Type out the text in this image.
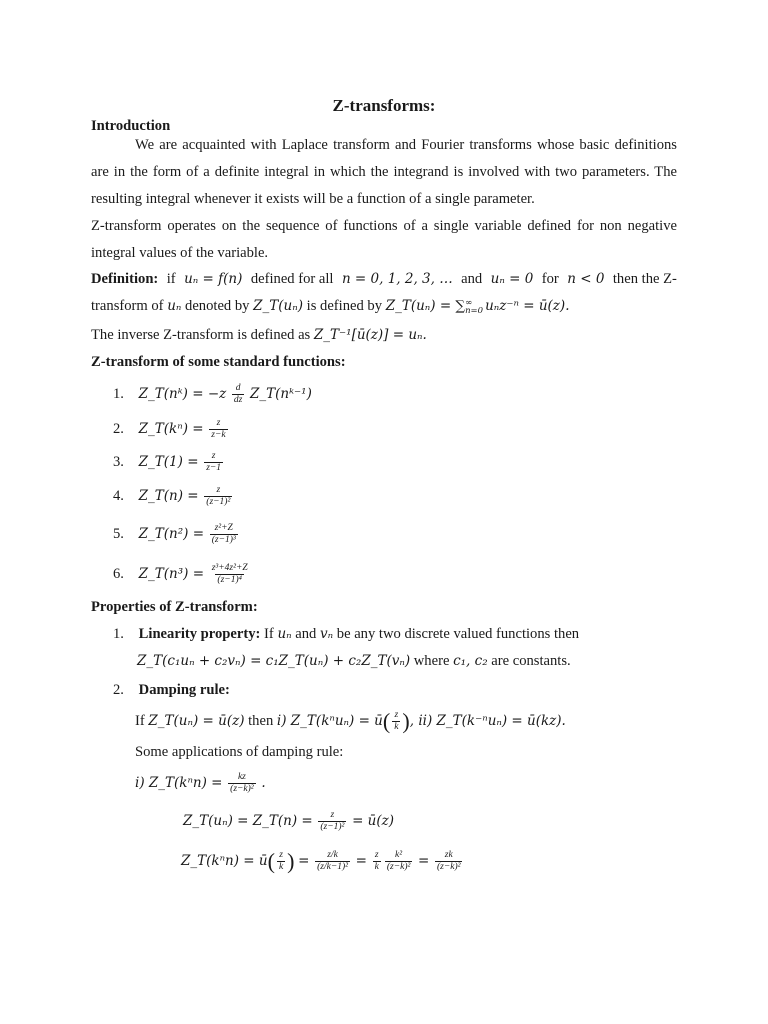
Z-transforms:
Introduction
We are acquainted with Laplace transform and Fourier transforms whose basic definitions are in the form of a definite integral in which the integrand is involved with two parameters. The resulting integral whenever it exists will be a function of a single parameter.
Z-transform operates on the sequence of functions of a single variable defined for non negative integral values of the variable.
Definition: if uₙ = f(n) defined for all n = 0, 1, 2, 3, … and uₙ = 0 for n < 0 then the Z-
transform of uₙ denoted by Z_T(uₙ) is defined by Z_T(uₙ) = ∑ ∞
n=0 uₙz⁻ⁿ = ū(z).
The inverse Z-transform is defined as Z_T⁻¹[ū(z)] = uₙ.
Z-transform of some standard functions:
1. Z_T(nᵏ) = $-z \frac{d}{dz}$ Z_T(nᵏ⁻¹)
2. Z_T(kⁿ) = $\frac{z}{z-k}$
3. Z_T(1) = $\frac{z}{z-1}$
4. Z_T(n) = $\frac{z}{\text{(z−1)²}}$
5. Z_T(n²) = $\frac{\text{z²+Z}}{\text{(z−1)³}}$
6. Z_T(n³) = $\frac{\text{z³+4z²+Z}}{\text{(z−1)⁴}}$
Properties of Z-transform:
1. Linearity property: If uₙ and vₙ be any two discrete valued functions then
Z_T(c₁uₙ + c₂vₙ) = c₁Z_T(uₙ) + c₂Z_T(vₙ) where c₁, c₂ are constants.
2. Damping rule:
If Z_T(uₙ) = ū(z) then i) Z_T(kⁿuₙ) = ū( $\frac{z}{k}$ ), ii) Z_T(k⁻ⁿuₙ) = ū(kz).
Some applications of damping rule:
i) Z_T(kⁿn) = $\frac{kz}{\text{(z−k)²}}$ .
Z_T(uₙ) = Z_T(n) = $\frac{z}{\text{(z−1)²}}$ = ū(z)
Z_T(kⁿn) = ū( $\frac{z}{k}$ ) = $\frac{z/k}{\text{(z/k−1)²}} = \frac{z}{k} \frac{\text{k²}}{\text{(z−k)²}} = \frac{zk}{\text{(z−k)²}}$
